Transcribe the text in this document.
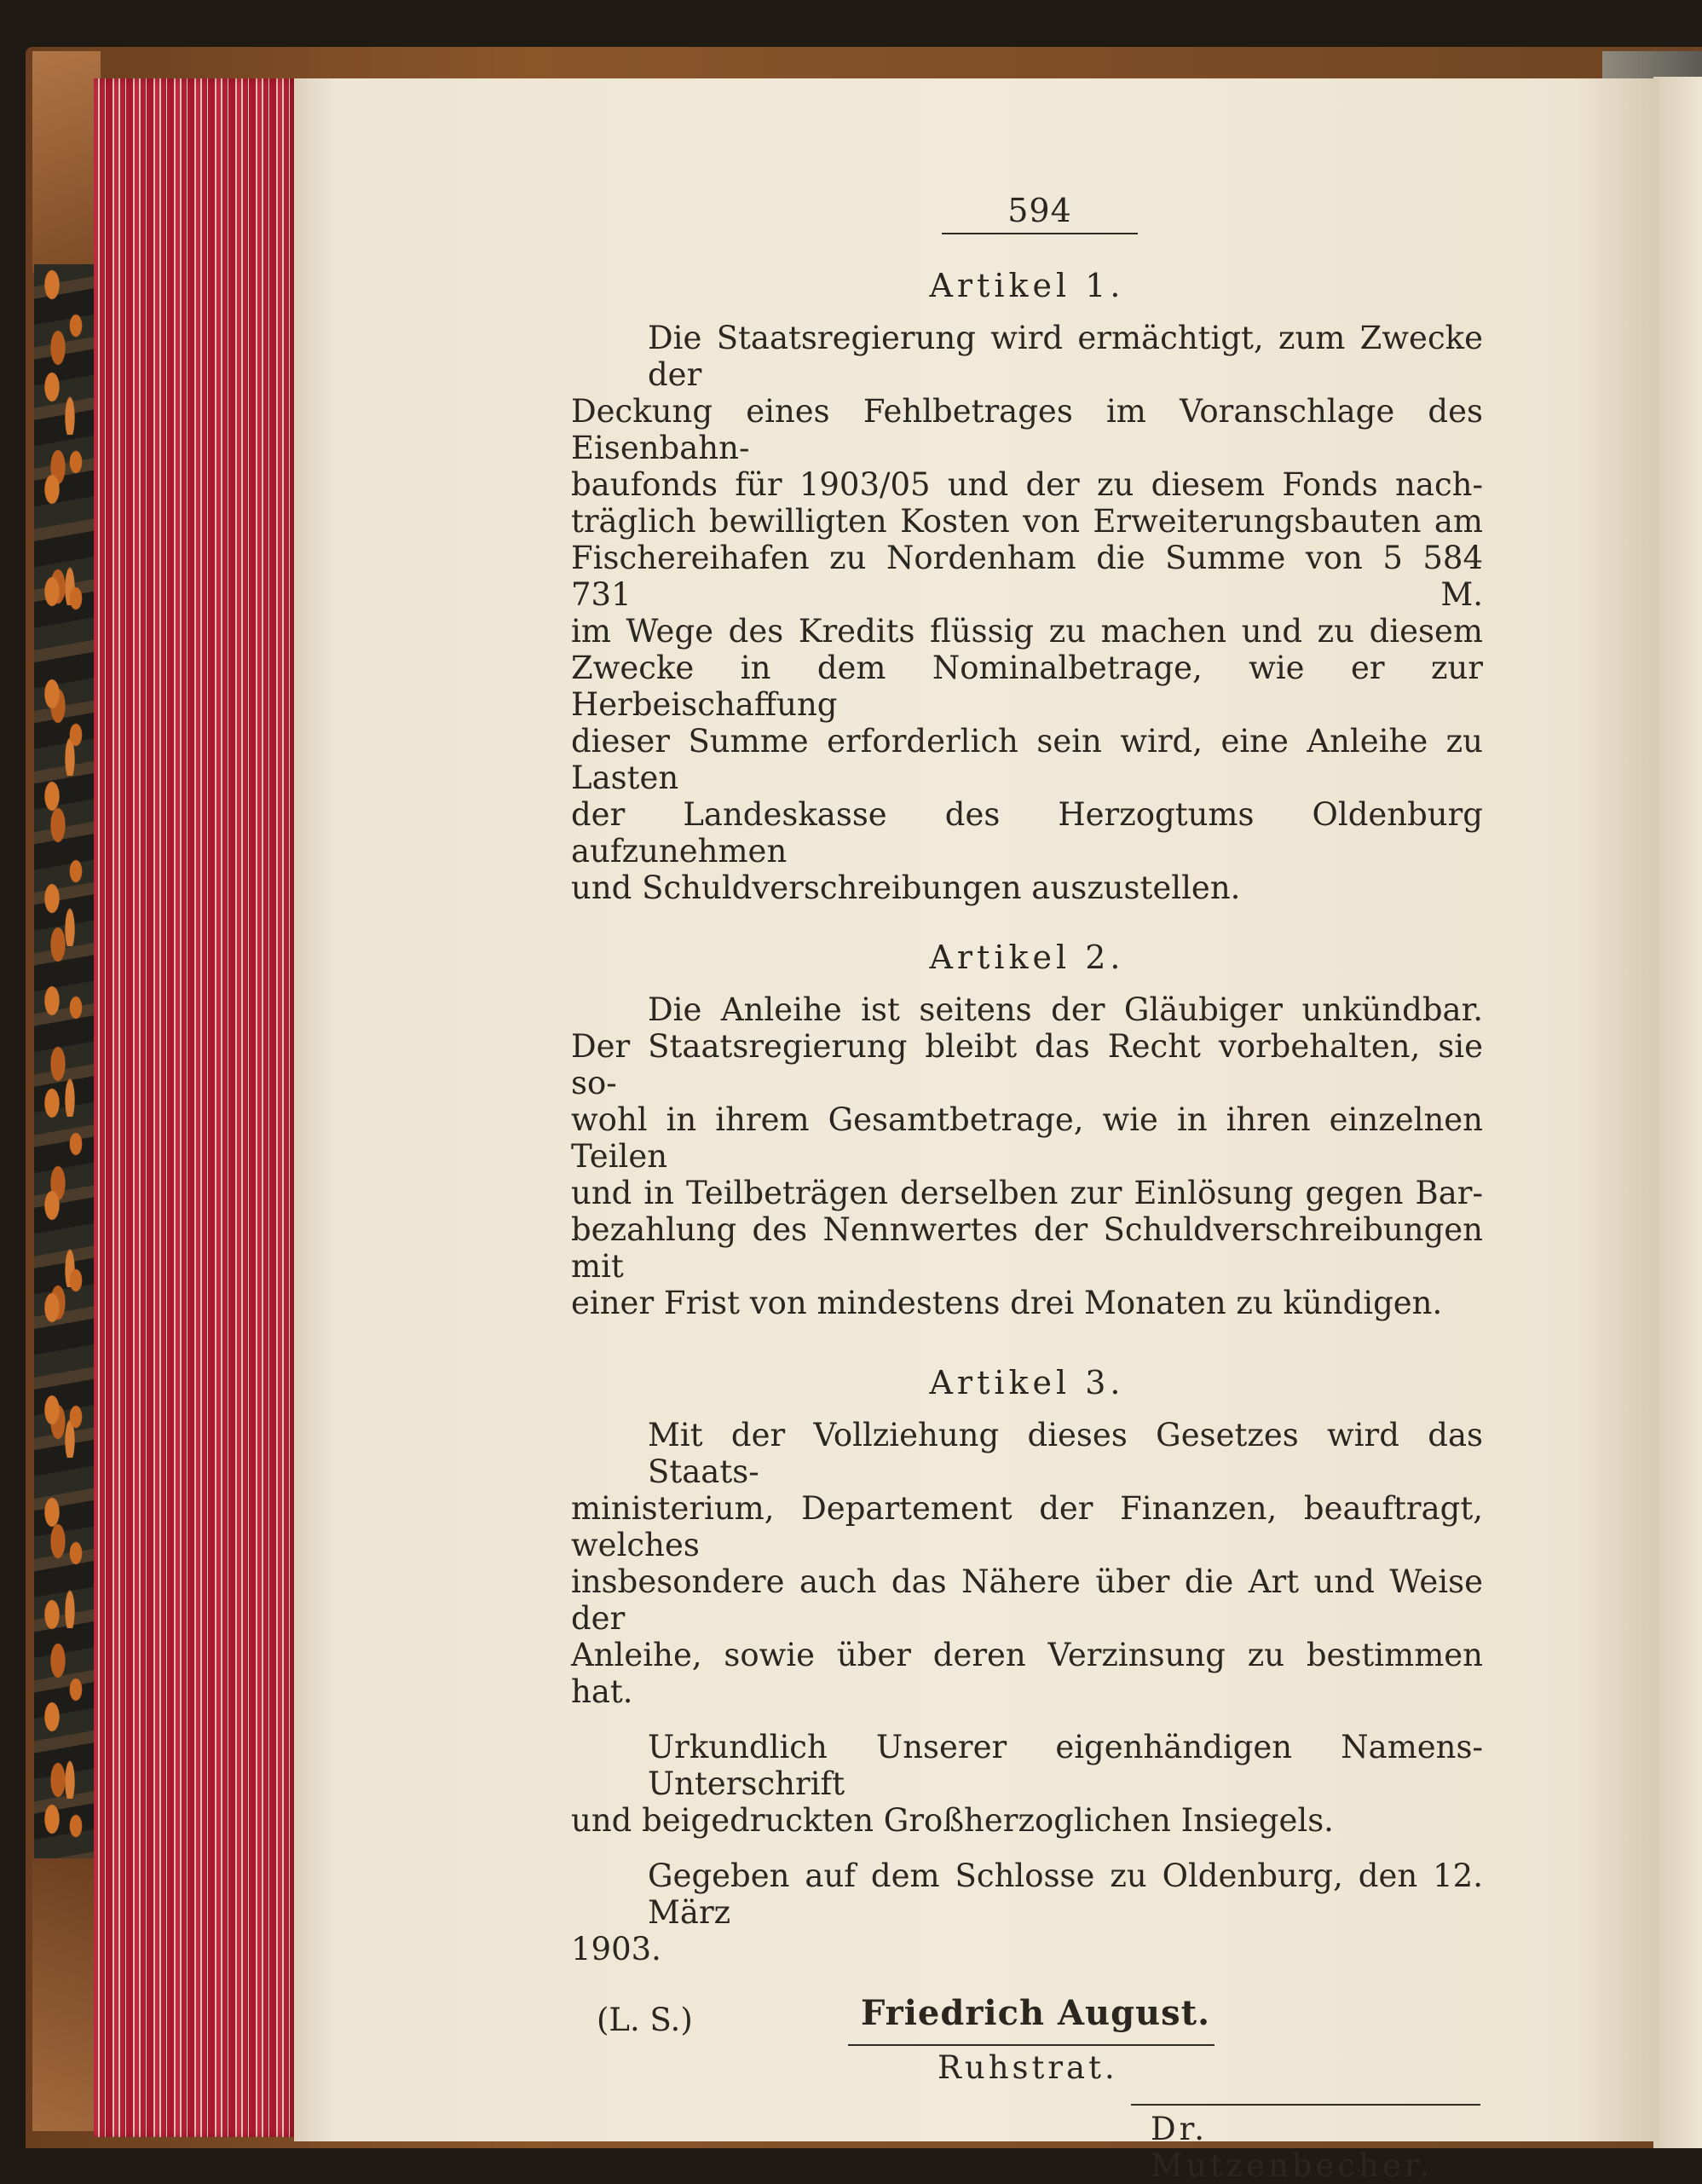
594
Artikel 1.
Die Staatsregierung wird ermächtigt, zum Zwecke der
Deckung eines Fehlbetrages im Voranschlage des Eisenbahn-
baufonds für 1903/05 und der zu diesem Fonds nach-
träglich bewilligten Kosten von Erweiterungsbauten am
Fischereihafen zu Nordenham die Summe von 5 584 731 M.
im Wege des Kredits flüssig zu machen und zu diesem
Zwecke in dem Nominalbetrage, wie er zur Herbeischaffung
dieser Summe erforderlich sein wird, eine Anleihe zu Lasten
der Landeskasse des Herzogtums Oldenburg aufzunehmen
und Schuldverschreibungen auszustellen.
Artikel 2.
Die Anleihe ist seitens der Gläubiger unkündbar.
Der Staatsregierung bleibt das Recht vorbehalten, sie so-
wohl in ihrem Gesamtbetrage, wie in ihren einzelnen Teilen
und in Teilbeträgen derselben zur Einlösung gegen Bar-
bezahlung des Nennwertes der Schuldverschreibungen mit
einer Frist von mindestens drei Monaten zu kündigen.
Artikel 3.
Mit der Vollziehung dieses Gesetzes wird das Staats-
ministerium, Departement der Finanzen, beauftragt, welches
insbesondere auch das Nähere über die Art und Weise der
Anleihe, sowie über deren Verzinsung zu bestimmen hat.
Urkundlich Unserer eigenhändigen Namens-Unterschrift
und beigedruckten Großherzoglichen Insiegels.
Gegeben auf dem Schlosse zu Oldenburg, den 12. März
1903.
(L. S.)	Friedrich August.
Ruhstrat.
Dr. Mutzenbecher.
